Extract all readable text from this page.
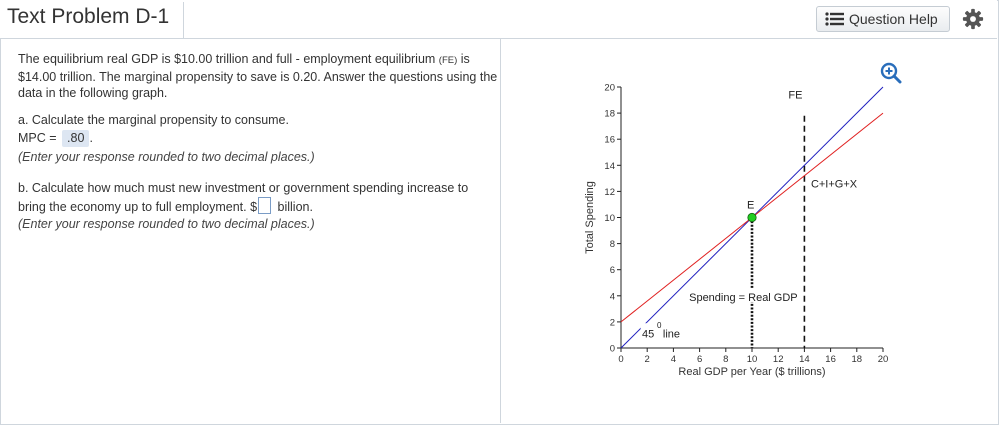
Text Problem D-1	Question Help

The equilibrium real GDP is $10.00 trillion and full - employment equilibrium (FE) is $14.00 trillion. The marginal propensity to save is 0.20. Answer the questions using the data in the following graph.

a. Calculate the marginal propensity to consume.

MPC = .80 .

(Enter your response rounded to two decimal places.)

b. Calculate how much must new investment or government spending increase to bring the economy up to full employment. $ billion.

(Enter your response rounded to two decimal places.)

0 2 4 6 8 10 12 14 16 18 20
0
2
4
6
8
10
12
14
16
18
20
Real GDP per Year ($ trillions)
Total Spending	E
FE
C+I+G+X
Spending = Real GDP
45
0
line
